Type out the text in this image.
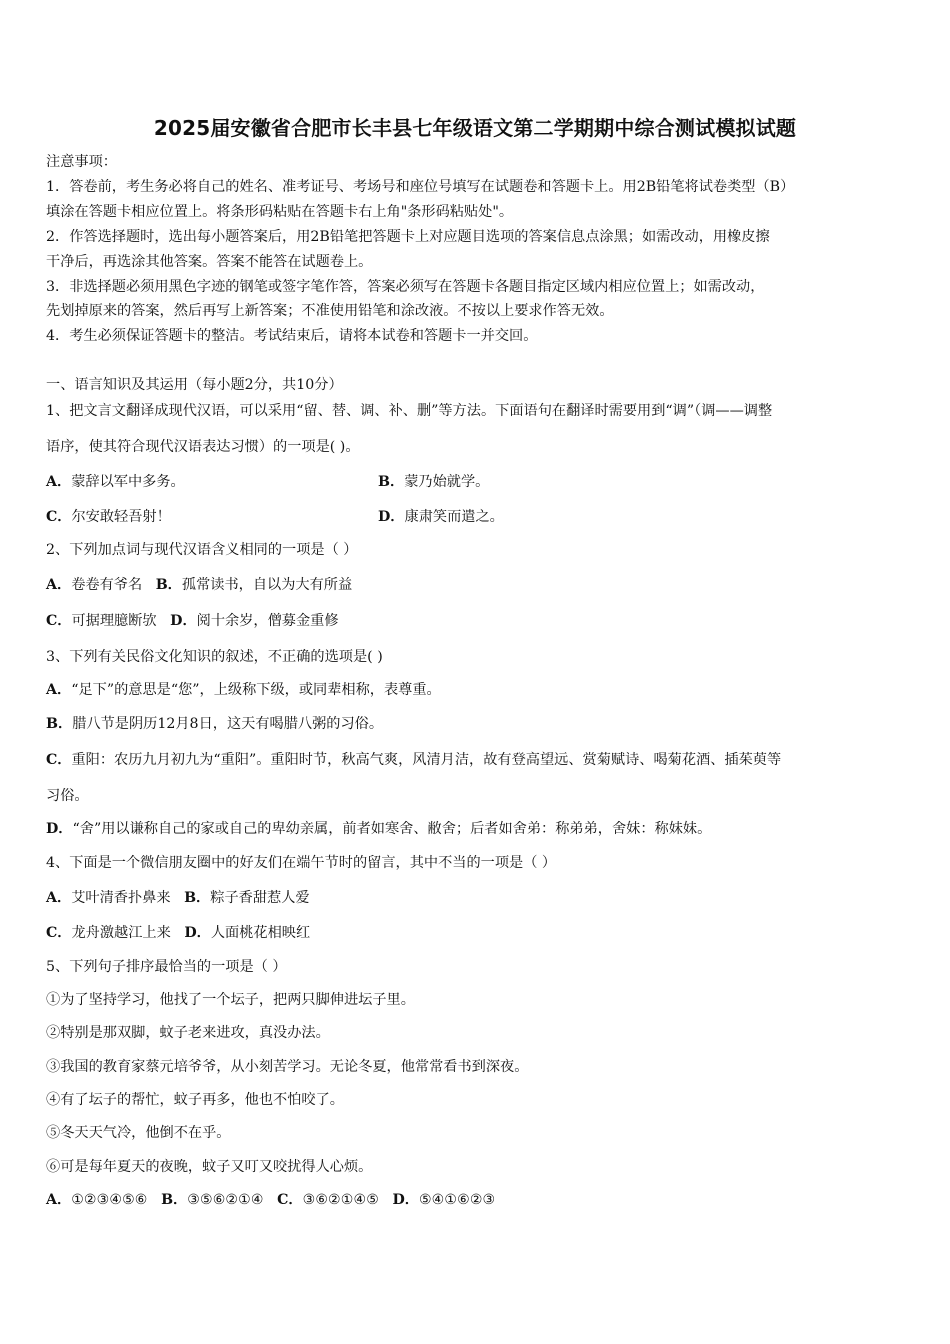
2025届安徽省合肥市长丰县七年级语文第二学期期中综合测试模拟试题
注意事项：
1．答卷前，考生务必将自己的姓名、准考证号、考场号和座位号填写在试题卷和答题卡上。用2B铅笔将试卷类型（B）
填涂在答题卡相应位置上。将条形码粘贴在答题卡右上角"条形码粘贴处"。
2．作答选择题时，选出每小题答案后，用2B铅笔把答题卡上对应题目选项的答案信息点涂黑；如需改动，用橡皮擦
干净后，再选涂其他答案。答案不能答在试题卷上。
3．非选择题必须用黑色字迹的钢笔或签字笔作答，答案必须写在答题卡各题目指定区域内相应位置上；如需改动，
先划掉原来的答案，然后再写上新答案；不准使用铅笔和涂改液。不按以上要求作答无效。
4．考生必须保证答题卡的整洁。考试结束后，请将本试卷和答题卡一并交回。
一、语言知识及其运用（每小题2分，共10分）
1、把文言文翻译成现代汉语，可以采用“留、替、调、补、删”等方法。下面语句在翻译时需要用到“调”（调——调整
语序，使其符合现代汉语表达习惯）的一项是( )。
A．蒙辞以军中多务。	B．蒙乃始就学。
C．尔安敢轻吾射！	D．康肃笑而遣之。
2、下列加点词与现代汉语含义相同的一项是（ ）
A．卷卷有爷名 B．孤常读书，自以为大有所益
C．可据理臆断欤 D．阅十余岁，僧募金重修
3、下列有关民俗文化知识的叙述，不正确的选项是( )
A．“足下”的意思是“您”，上级称下级，或同辈相称，表尊重。
B．腊八节是阴历12月8日，这天有喝腊八粥的习俗。
C．重阳：农历九月初九为“重阳”。重阳时节，秋高气爽，风清月洁，故有登高望远、赏菊赋诗、喝菊花酒、插茱萸等
习俗。
D．“舍”用以谦称自己的家或自己的卑幼亲属，前者如寒舍、敝舍；后者如舍弟：称弟弟，舍妹：称妹妹。
4、下面是一个微信朋友圈中的好友们在端午节时的留言，其中不当的一项是（ ）
A．艾叶清香扑鼻来 B．粽子香甜惹人爱
C．龙舟激越江上来 D．人面桃花相映红
5、下列句子排序最恰当的一项是（ ）
①为了坚持学习，他找了一个坛子，把两只脚伸进坛子里。
②特别是那双脚，蚊子老来进攻，真没办法。
③我国的教育家蔡元培爷爷，从小刻苦学习。无论冬夏，他常常看书到深夜。
④有了坛子的帮忙，蚊子再多，他也不怕咬了。
⑤冬天天气冷，他倒不在乎。
⑥可是每年夏天的夜晚，蚊子又叮又咬扰得人心烦。
A．①②③④⑤⑥ B．③⑤⑥②①④ C．③⑥②①④⑤ D．⑤④①⑥②③
